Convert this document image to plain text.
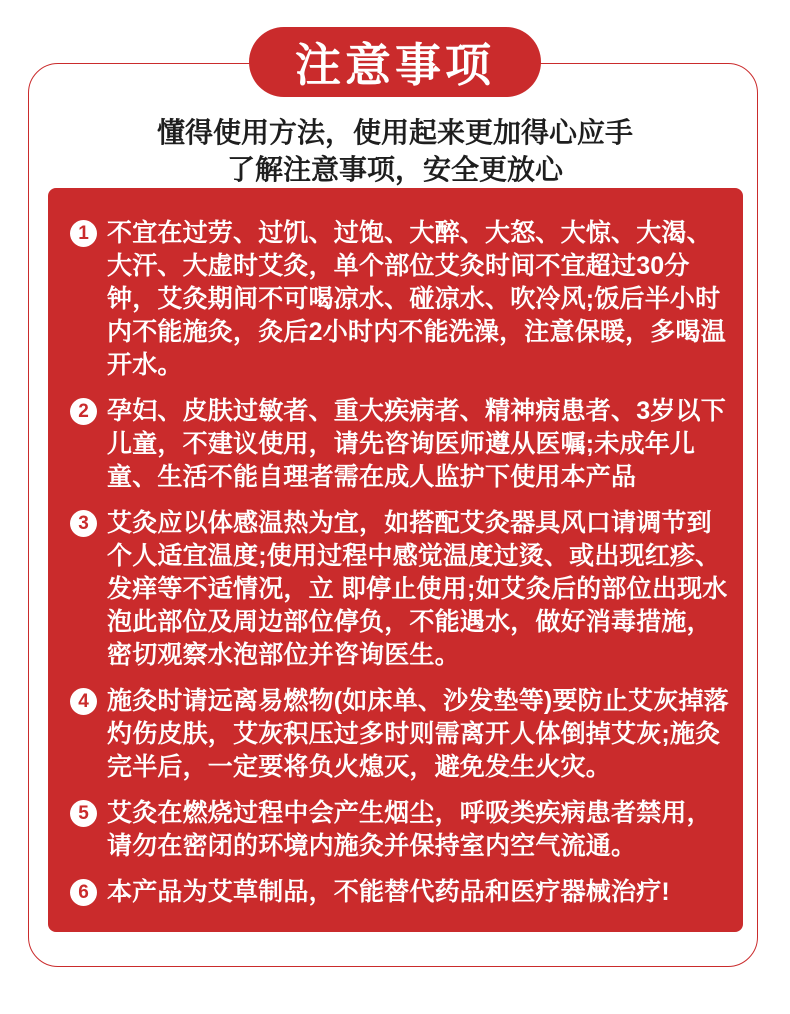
注意事项
懂得使用方法，使用起来更加得心应手
了解注意事项，安全更放心
1 不宜在过劳、过饥、过饱、大醉、大怒、大惊、大渴、大汗、大虚时艾灸，单个部位艾灸时间不宜超过30分钟，艾灸期间不可喝凉水、碰凉水、吹冷风;饭后半小时内不能施灸，灸后2小时内不能洗澡，注意保暖，多喝温开水。

2 孕妇、皮肤过敏者、重大疾病者、精神病患者、3岁以下儿童，不建议使用，请先咨询医师遵从医嘱;未成年儿童、生活不能自理者需在成人监护下使用本产品

3 艾灸应以体感温热为宜，如搭配艾灸器具风口请调节到个人适宜温度;使用过程中感觉温度过烫、或出现红疹、发痒等不适情况，立 即停止使用;如艾灸后的部位出现水泡此部位及周边部位停负，不能遇水，做好消毒措施，密切观察水泡部位并咨询医生。

4 施灸时请远离易燃物(如床单、沙发垫等)要防止艾灰掉落灼伤皮肤，艾灰积压过多时则需离开人体倒掉艾灰;施灸完半后，一定要将负火熄灭，避免发生火灾。

5 艾灸在燃烧过程中会产生烟尘，呼吸类疾病患者禁用，请勿在密闭的环境内施灸并保持室内空气流通。

6 本产品为艾草制品，不能替代药品和医疗器械治疗!
